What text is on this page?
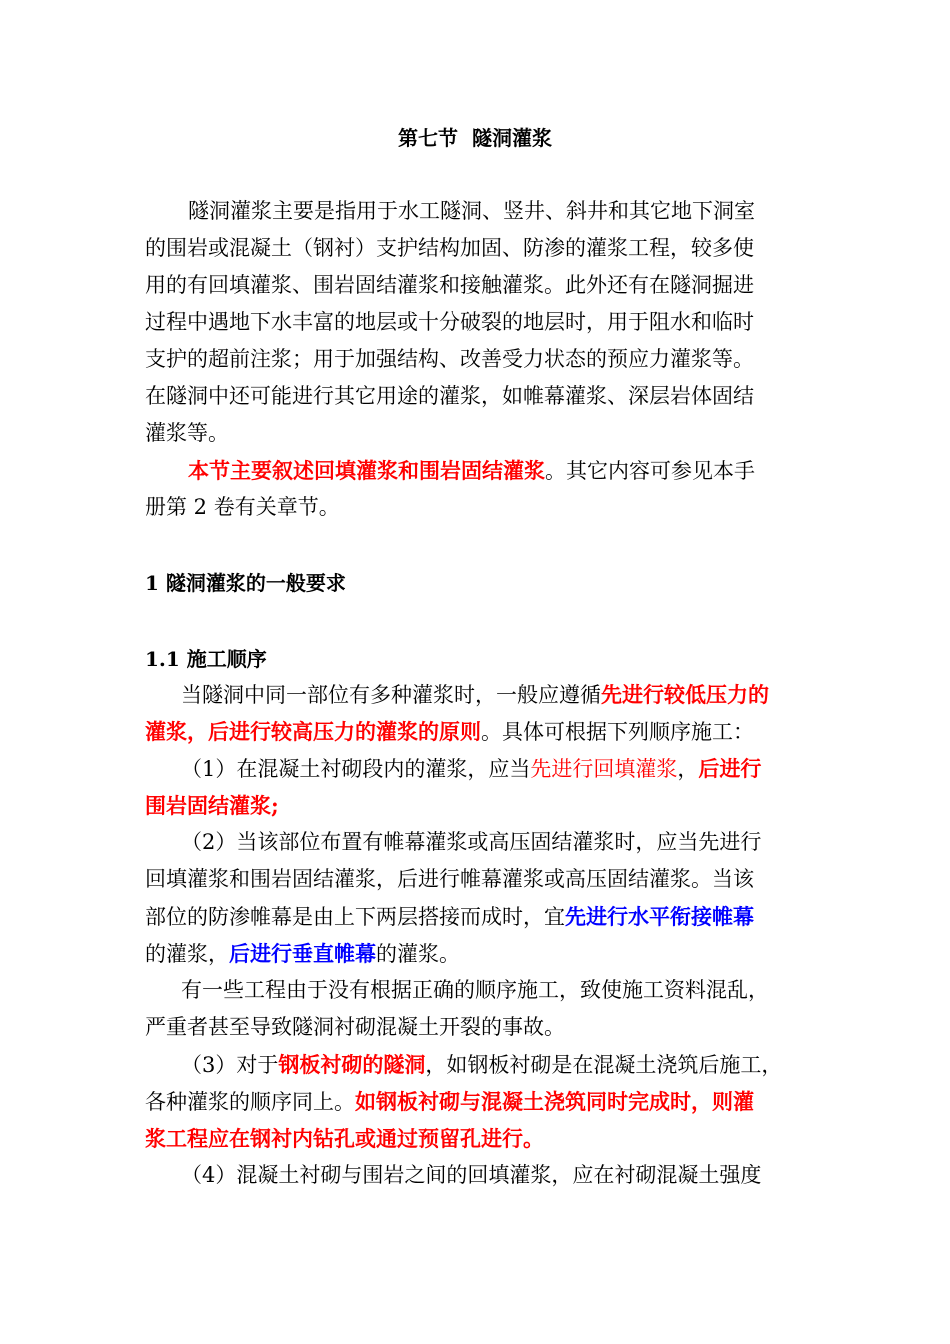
第七节  隧洞灌浆
隧洞灌浆主要是指用于水工隧洞、竖井、斜井和其它地下洞室
的围岩或混凝土（钢衬）支护结构加固、防渗的灌浆工程，较多使
用的有回填灌浆、围岩固结灌浆和接触灌浆。此外还有在隧洞掘进
过程中遇地下水丰富的地层或十分破裂的地层时，用于阻水和临时
支护的超前注浆；用于加强结构、改善受力状态的预应力灌浆等。
在隧洞中还可能进行其它用途的灌浆，如帷幕灌浆、深层岩体固结
灌浆等。
本节主要叙述回填灌浆和围岩固结灌浆。其它内容可参见本手
册第 2 卷有关章节。
1 隧洞灌浆的一般要求
1.1 施工顺序
当隧洞中同一部位有多种灌浆时，一般应遵循先进行较低压力的
灌浆，后进行较高压力的灌浆的原则。具体可根据下列顺序施工：
（1）在混凝土衬砌段内的灌浆，应当先进行回填灌浆，后进行
围岩固结灌浆;
（2）当该部位布置有帷幕灌浆或高压固结灌浆时，应当先进行
回填灌浆和围岩固结灌浆，后进行帷幕灌浆或高压固结灌浆。当该
部位的防渗帷幕是由上下两层搭接而成时，宜先进行水平衔接帷幕
的灌浆，后进行垂直帷幕的灌浆。
有一些工程由于没有根据正确的顺序施工，致使施工资料混乱，
严重者甚至导致隧洞衬砌混凝土开裂的事故。
（3）对于钢板衬砌的隧洞，如钢板衬砌是在混凝土浇筑后施工，
各种灌浆的顺序同上。如钢板衬砌与混凝土浇筑同时完成时，则灌
浆工程应在钢衬内钻孔或通过预留孔进行。
（4）混凝土衬砌与围岩之间的回填灌浆，应在衬砌混凝土强度
